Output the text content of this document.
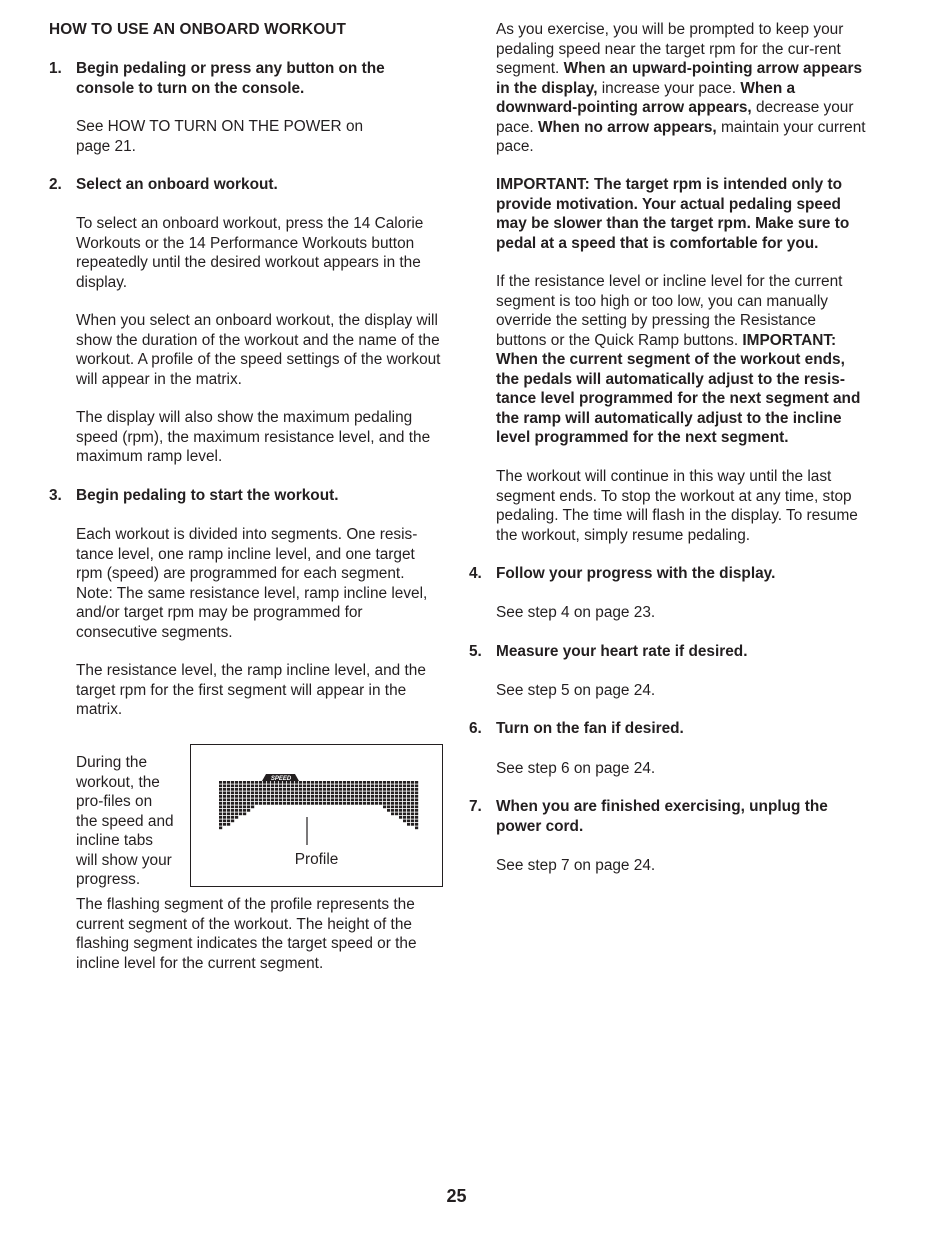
HOW TO USE AN ONBOARD WORKOUT
1. Begin pedaling or press any button on the console to turn on the console.

See HOW TO TURN ON THE POWER on page 21.

2. Select an onboard workout.

To select an onboard workout, press the 14 Calorie Workouts or the 14 Performance Workouts button repeatedly until the desired workout appears in the display.

When you select an onboard workout, the display will show the duration of the workout and the name of the workout. A profile of the speed settings of the workout will appear in the matrix.

The display will also show the maximum pedaling speed (rpm), the maximum resistance level, and the maximum ramp level.

3. Begin pedaling to start the workout.

Each workout is divided into segments. One resis-tance level, one ramp incline level, and one target rpm (speed) are programmed for each segment. Note: The same resistance level, ramp incline level, and/or target rpm may be programmed for consecutive segments.

The resistance level, the ramp incline level, and the target rpm for the first segment will appear in the matrix.

The flashing segment of the profile represents the current segment of the workout. The height of the flashing segment indicates the target speed or the incline level for the current segment.

During the workout, the pro-files on the speed and incline tabs will show your progress.

SPEED
Profile

As you exercise, you will be prompted to keep your pedaling speed near the target rpm for the cur-rent segment. When an upward-pointing arrow appears in the display, increase your pace. When a downward-pointing arrow appears, decrease your pace. When no arrow appears, maintain your current pace.

IMPORTANT: The target rpm is intended only to provide motivation. Your actual pedaling speed may be slower than the target rpm. Make sure to pedal at a speed that is comfortable for you.

If the resistance level or incline level for the current segment is too high or too low, you can manually override the setting by pressing the Resistance buttons or the Quick Ramp buttons. IMPORTANT: When the current segment of the workout ends, the pedals will automatically adjust to the resis-tance level programmed for the next segment and the ramp will automatically adjust to the incline level programmed for the next segment.

The workout will continue in this way until the last segment ends. To stop the workout at any time, stop pedaling. The time will flash in the display. To resume the workout, simply resume pedaling.

4. Follow your progress with the display.

See step 4 on page 23.

5. Measure your heart rate if desired.

See step 5 on page 24.

6. Turn on the fan if desired.

See step 6 on page 24.

7. When you are finished exercising, unplug the power cord.

See step 7 on page 24.

25
